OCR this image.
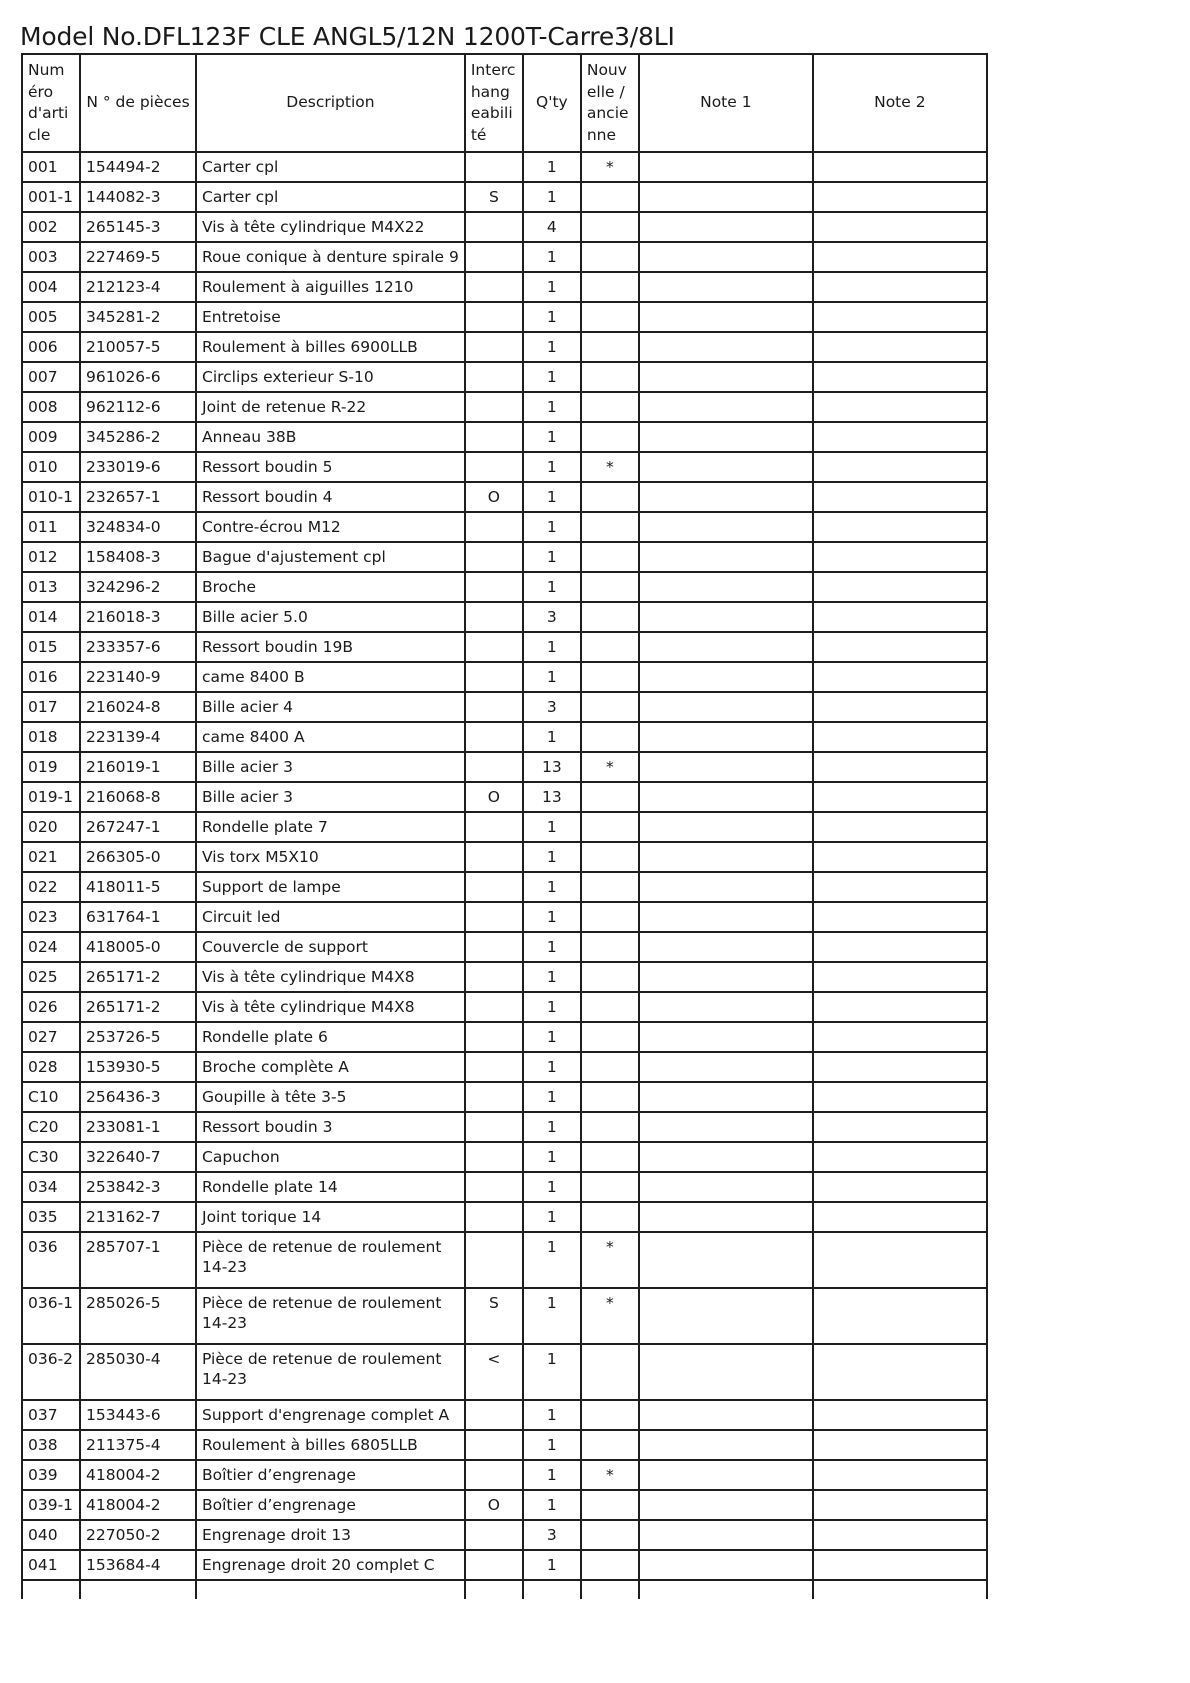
Model No.DFL123F CLE ANGL5/12N 1200T-Carre3/8LI
Numéro d'article	N ° de pièces	Description	Interchangeabilité	Q'ty	Nouvelle / ancienne	Note 1	Note 2
001	154494-2	Carter cpl		1	*		
001-1	144082-3	Carter cpl	S	1			
002	265145-3	Vis à tête cylindrique M4X22		4			
003	227469-5	Roue conique à denture spirale 9		1			
004	212123-4	Roulement à aiguilles 1210		1			
005	345281-2	Entretoise		1			
006	210057-5	Roulement à billes 6900LLB		1			
007	961026-6	Circlips exterieur S-10		1			
008	962112-6	Joint de retenue R-22		1			
009	345286-2	Anneau 38B		1			
010	233019-6	Ressort boudin 5		1	*		
010-1	232657-1	Ressort boudin 4	O	1			
011	324834-0	Contre-écrou M12		1			
012	158408-3	Bague d'ajustement cpl		1			
013	324296-2	Broche		1			
014	216018-3	Bille acier 5.0		3			
015	233357-6	Ressort boudin 19B		1			
016	223140-9	came 8400 B		1			
017	216024-8	Bille acier 4		3			
018	223139-4	came 8400 A		1			
019	216019-1	Bille acier 3		13	*		
019-1	216068-8	Bille acier 3	O	13			
020	267247-1	Rondelle plate 7		1			
021	266305-0	Vis torx M5X10		1			
022	418011-5	Support de lampe		1			
023	631764-1	Circuit led		1			
024	418005-0	Couvercle de support		1			
025	265171-2	Vis à tête cylindrique M4X8		1			
026	265171-2	Vis à tête cylindrique M4X8		1			
027	253726-5	Rondelle plate 6		1			
028	153930-5	Broche complète A		1			
C10	256436-3	Goupille à tête 3-5		1			
C20	233081-1	Ressort boudin 3		1			
C30	322640-7	Capuchon		1			
034	253842-3	Rondelle plate 14		1			
035	213162-7	Joint torique 14		1			
036	285707-1	Pièce de retenue de roulement 14-23		1	*		
036-1	285026-5	Pièce de retenue de roulement 14-23	S	1	*		
036-2	285030-4	Pièce de retenue de roulement 14-23	<	1			
037	153443-6	Support d'engrenage complet A		1			
038	211375-4	Roulement à billes 6805LLB		1			
039	418004-2	Boîtier d’engrenage		1	*		
039-1	418004-2	Boîtier d’engrenage	O	1			
040	227050-2	Engrenage droit 13		3			
041	153684-4	Engrenage droit 20 complet C		1			
